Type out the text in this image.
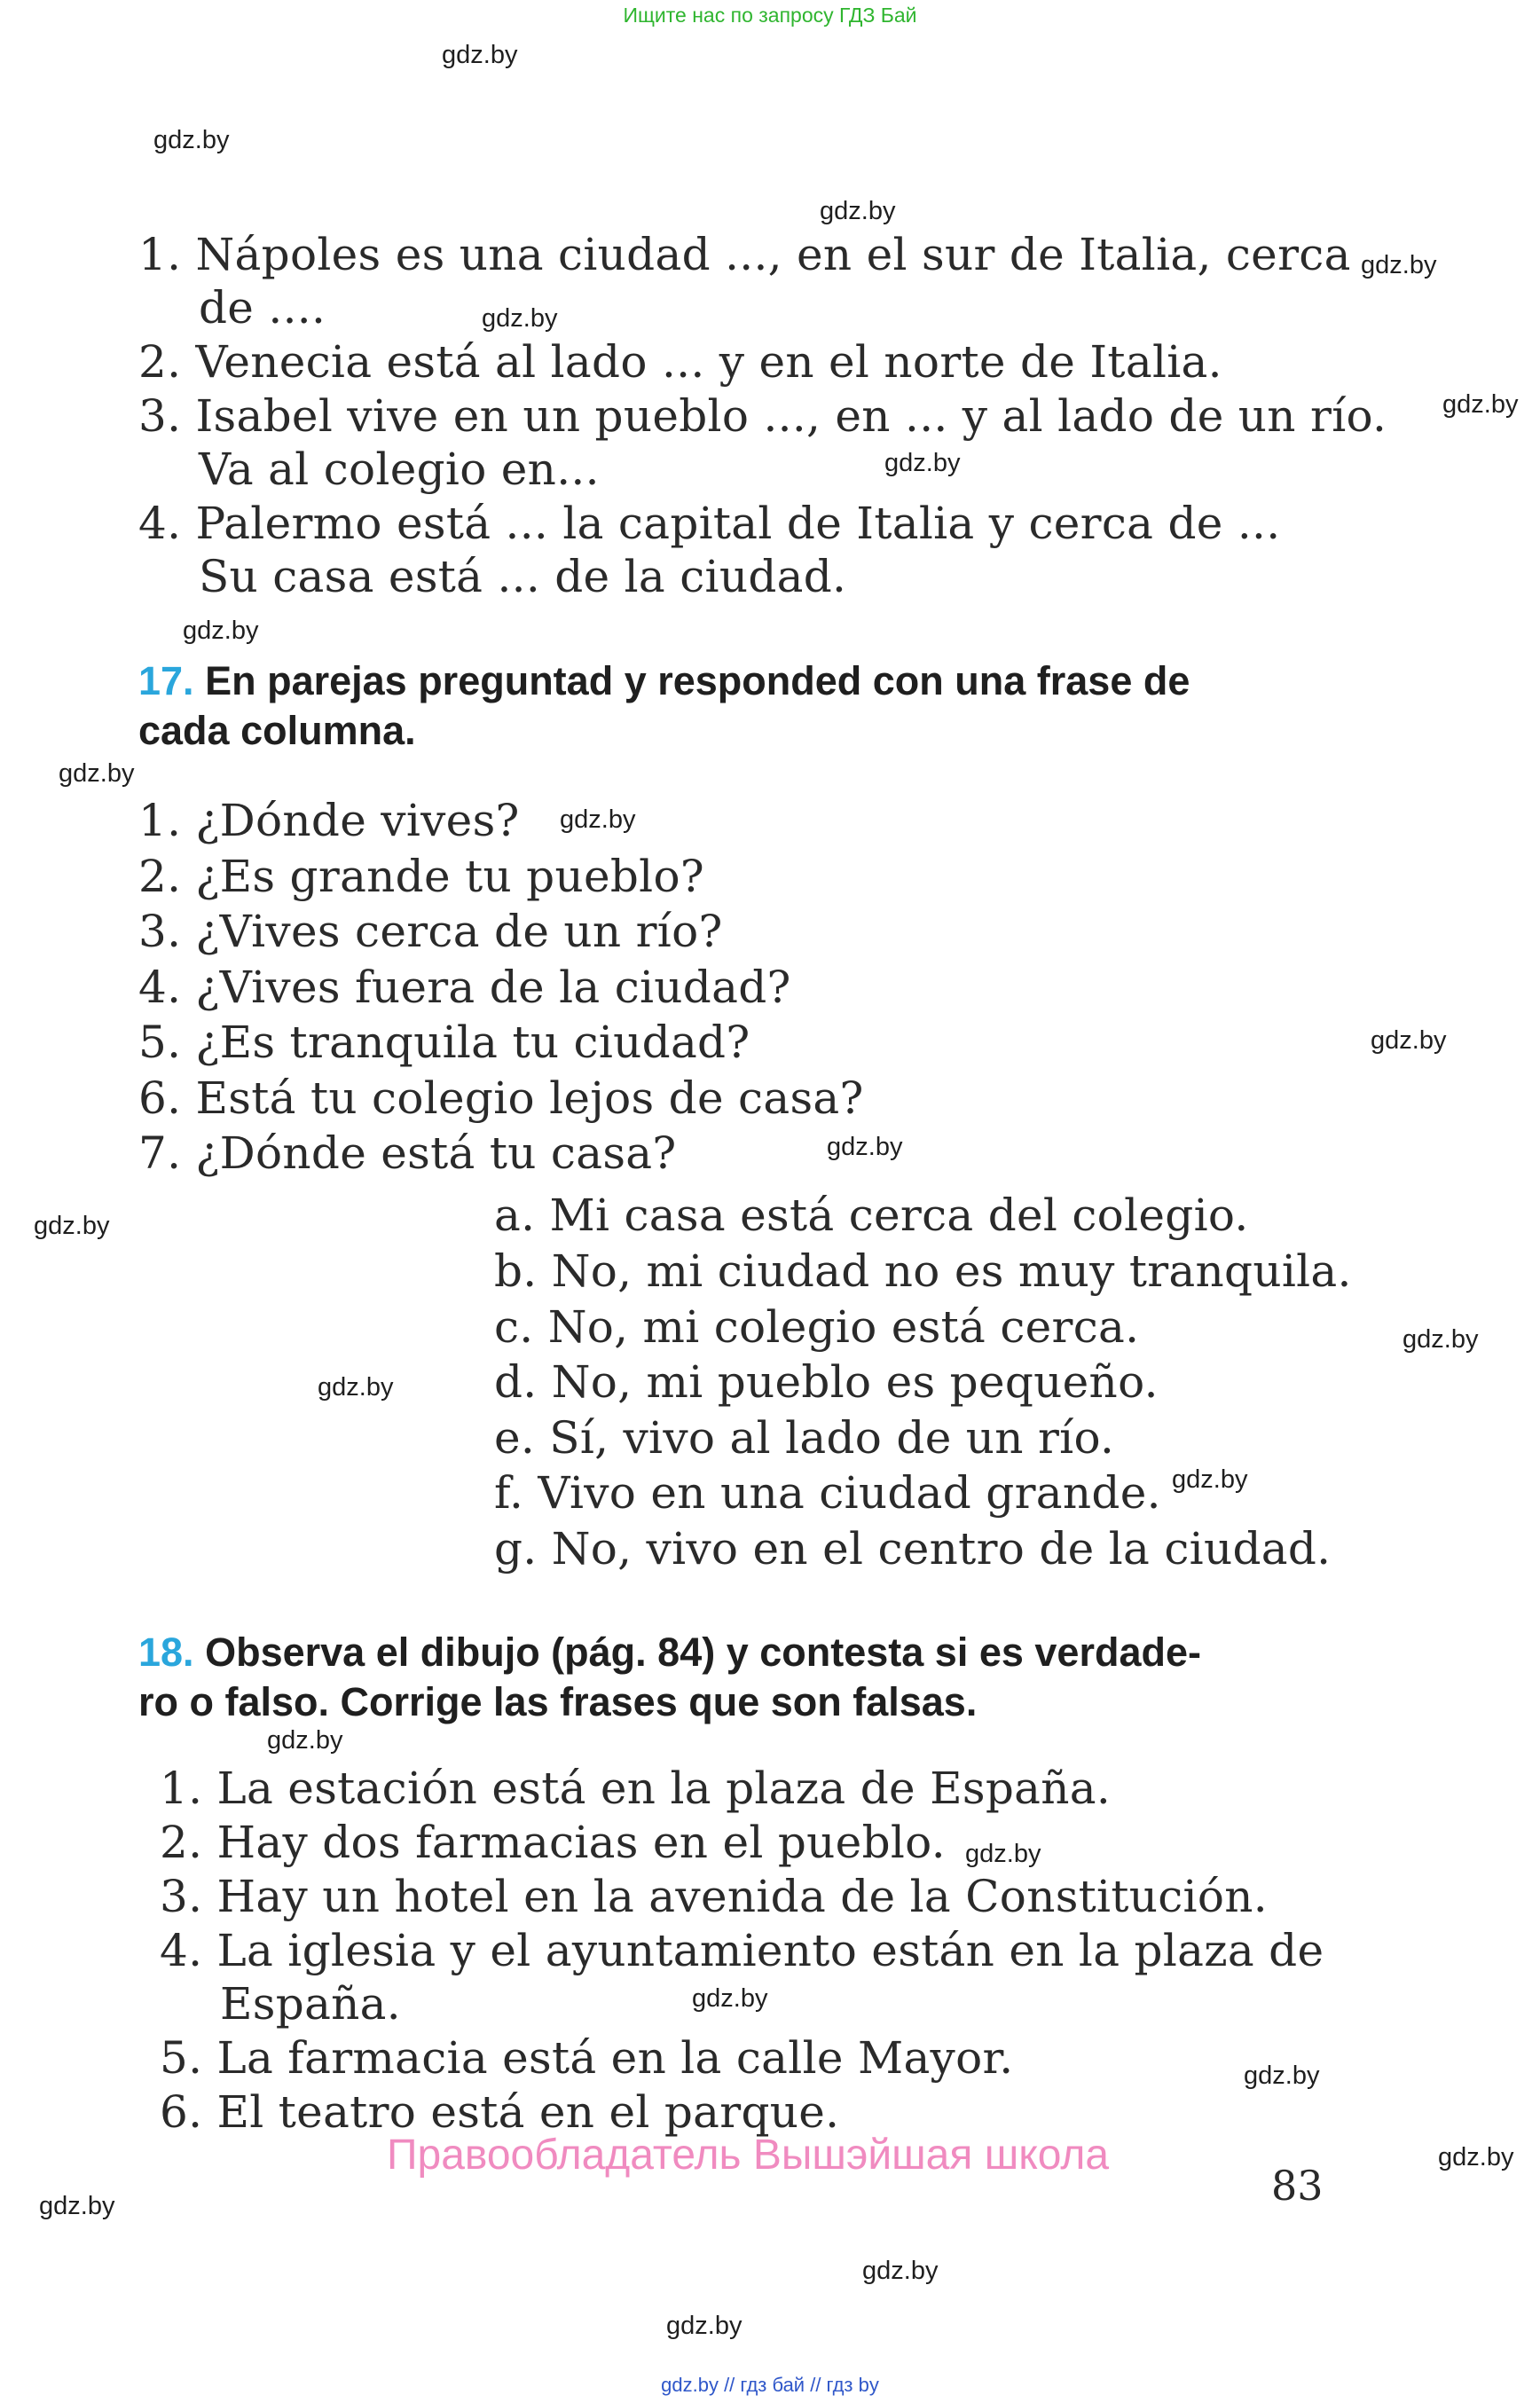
Ищите нас по запросу ГДЗ Бай
gdz.by
gdz.by
gdz.by
gdz.by
gdz.by
gdz.by
gdz.by
gdz.by
gdz.by
gdz.by
gdz.by
gdz.by
gdz.by
gdz.by
gdz.by
gdz.by
gdz.by
gdz.by
gdz.by
gdz.by
gdz.by
gdz.by
gdz.by
gdz.by
1. Nápoles es una ciudad ..., en el sur de Italia, cerca
de ....
2. Venecia está al lado ... y en el norte de Italia.
3. Isabel vive en un pueblo ..., en ... y al lado de un río.
Va al colegio en...
4. Palermo está ... la capital de Italia y cerca de ...
Su casa está ... de la ciudad.
17. En parejas preguntad y responded con una frase de
cada columna.
1. ¿Dónde vives?
2. ¿Es grande tu pueblo?
3. ¿Vives cerca de un río?
4. ¿Vives fuera de la ciudad?
5. ¿Es tranquila tu ciudad?
6. Está tu colegio lejos de casa?
7. ¿Dónde está tu casa?
a. Mi casa está cerca del colegio.
b. No, mi ciudad no es muy tranquila.
c. No, mi colegio está cerca.
d. No, mi pueblo es pequeño.
e. Sí, vivo al lado de un río.
f. Vivo en una ciudad grande.
g. No, vivo en el centro de la ciudad.
18. Observa el dibujo (pág. 84) y contesta si es verdade-
ro o falso. Corrige las frases que son falsas.
1. La estación está en la plaza de España.
2. Hay dos farmacias en el pueblo.
3. Hay un hotel en la avenida de la Constitución.
4. La iglesia y el ayuntamiento están en la plaza de
España.
5. La farmacia está en la calle Mayor.
6. El teatro está en el parque.
Правообладатель Вышэйшая школа
83
gdz.by // гдз бай // гдз by
